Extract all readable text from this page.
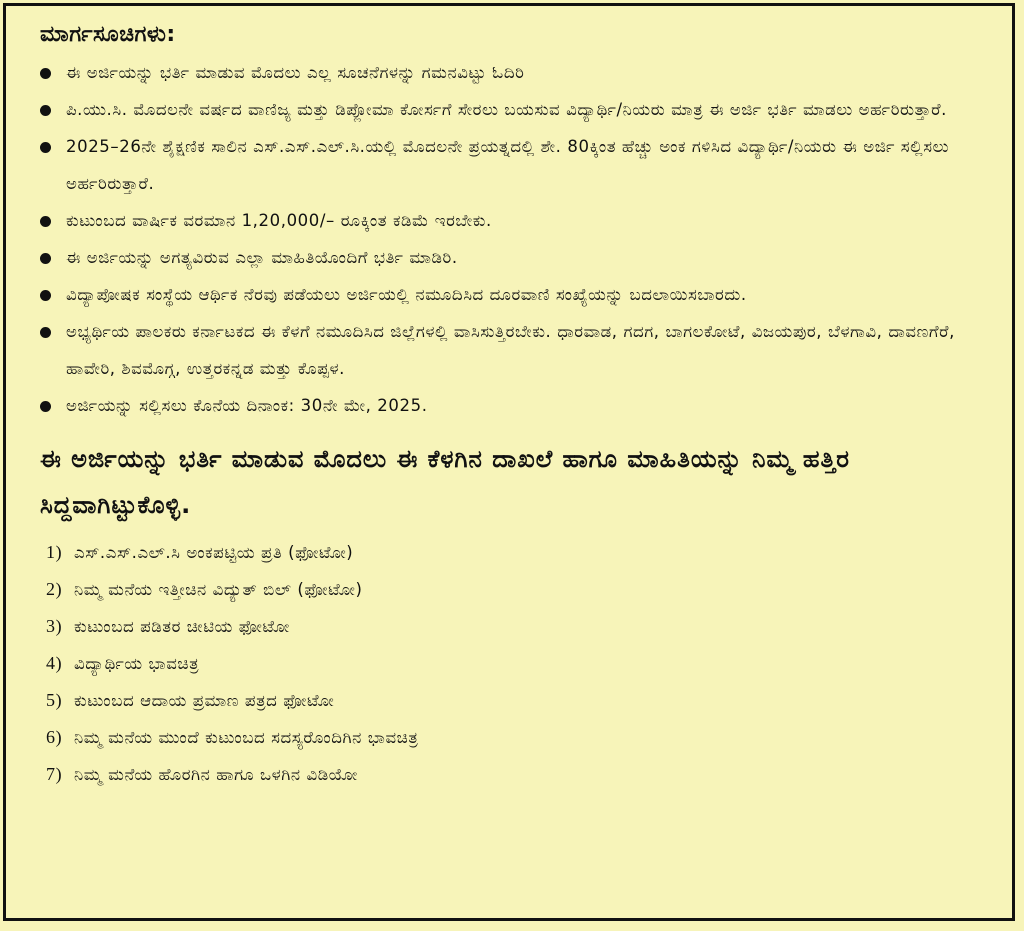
ಮಾರ್ಗಸೂಚಿಗಳು:
ಈ ಅರ್ಜಿಯನ್ನು ಭರ್ತಿ ಮಾಡುವ ಮೊದಲು ಎಲ್ಲ ಸೂಚನೆಗಳನ್ನು ಗಮನವಿಟ್ಟು ಓದಿರಿ
ಪಿ.ಯು.ಸಿ. ಮೊದಲನೇ ವರ್ಷದ ವಾಣಿಜ್ಯ ಮತ್ತು ಡಿಪ್ಲೋಮಾ ಕೋರ್ಸಗೆ ಸೇರಲು ಬಯಸುವ ವಿದ್ಯಾರ್ಥಿ/ನಿಯರು ಮಾತ್ರ ಈ ಅರ್ಜಿ ಭರ್ತಿ ಮಾಡಲು ಅರ್ಹರಿರುತ್ತಾರೆ.
2025–26ನೇ ಶೈಕ್ಷಣಿಕ ಸಾಲಿನ ಎಸ್.ಎಸ್.ಎಲ್.ಸಿ.ಯಲ್ಲಿ ಮೊದಲನೇ ಪ್ರಯತ್ನದಲ್ಲಿ ಶೇ. 80ಕ್ಕಿಂತ ಹೆಚ್ಚು ಅಂಕ ಗಳಿಸಿದ ವಿದ್ಯಾರ್ಥಿ/ನಿಯರು ಈ ಅರ್ಜಿ ಸಲ್ಲಿಸಲು ಅರ್ಹರಿರುತ್ತಾರೆ.
ಕುಟುಂಬದ ವಾರ್ಷಿಕ ವರಮಾನ 1,20,000/– ರೂಕ್ಕಿಂತ ಕಡಿಮೆ ಇರಬೇಕು.
ಈ ಅರ್ಜಿಯನ್ನು ಅಗತ್ಯವಿರುವ ಎಲ್ಲಾ ಮಾಹಿತಿಯೊಂದಿಗೆ ಭರ್ತಿ ಮಾಡಿರಿ.
ವಿದ್ಯಾಪೋಷಕ ಸಂಸ್ಥೆಯ ಆರ್ಥಿಕ ನೆರವು ಪಡೆಯಲು ಅರ್ಜಿಯಲ್ಲಿ ನಮೂದಿಸಿದ ದೂರವಾಣಿ ಸಂಖ್ಯೆಯನ್ನು ಬದಲಾಯಿಸಬಾರದು.
ಅಭ್ಯರ್ಥಿಯ ಪಾಲಕರು ಕರ್ನಾಟಕದ ಈ ಕೆಳಗೆ ನಮೂದಿಸಿದ ಜಿಲ್ಲೆಗಳಲ್ಲಿ ವಾಸಿಸುತ್ತಿರಬೇಕು. ಧಾರವಾಡ, ಗದಗ, ಬಾಗಲಕೋಟೆ, ವಿಜಯಪುರ, ಬೆಳಗಾವಿ, ದಾವಣಗೆರೆ, ಹಾವೇರಿ, ಶಿವಮೊಗ್ಗ, ಉತ್ತರಕನ್ನಡ ಮತ್ತು ಕೊಪ್ಪಳ.
ಅರ್ಜಿಯನ್ನು ಸಲ್ಲಿಸಲು ಕೊನೆಯ ದಿನಾಂಕ: 30ನೇ ಮೇ, 2025.
ಈ ಅರ್ಜಿಯನ್ನು ಭರ್ತಿ ಮಾಡುವ ಮೊದಲು ಈ ಕೆಳಗಿನ ದಾಖಲೆ ಹಾಗೂ ಮಾಹಿತಿಯನ್ನು ನಿಮ್ಮ ಹತ್ತಿರ ಸಿದ್ದವಾಗಿಟ್ಟುಕೊಳ್ಳಿ.
1) ಎಸ್.ಎಸ್.ಎಲ್.ಸಿ ಅಂಕಪಟ್ಟಿಯ ಪ್ರತಿ (ಫೋಟೋ)
2) ನಿಮ್ಮ ಮನೆಯ ಇತ್ತೀಚಿನ ವಿದ್ಯುತ್ ಬಿಲ್ (ಫೋಟೋ)
3) ಕುಟುಂಬದ ಪಡಿತರ ಚೀಟಿಯ ಫೋಟೋ
4) ವಿದ್ಯಾರ್ಥಿಯ ಭಾವಚಿತ್ರ
5) ಕುಟುಂಬದ ಆದಾಯ ಪ್ರಮಾಣ ಪತ್ರದ ಫೋಟೋ
6) ನಿಮ್ಮ ಮನೆಯ ಮುಂದೆ ಕುಟುಂಬದ ಸದಸ್ಯರೊಂದಿಗಿನ ಭಾವಚಿತ್ರ
7) ನಿಮ್ಮ ಮನೆಯ ಹೊರಗಿನ ಹಾಗೂ ಒಳಗಿನ ವಿಡಿಯೋ
